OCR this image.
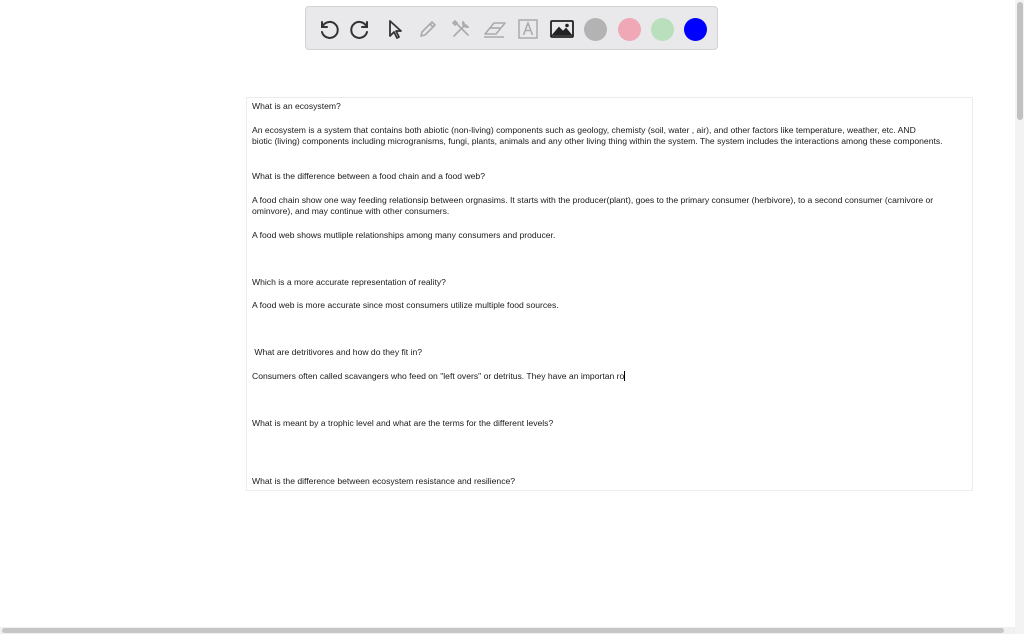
What is an ecosystem?
An ecosystem is a system that contains both abiotic (non-living) components such as geology, chemisty (soil, water , air), and other factors like temperature, weather, etc. AND
biotic (living) components including microgranisms, fungi, plants, animals and any other living thing within the system. The system includes the interactions among these components.
What is the difference between a food chain and a food web?
A food chain show one way feeding relationsip between orgnasims. It starts with the producer(plant), goes to the primary consumer (herbivore), to a second consumer (carnivore or
ominvore), and may continue with other consumers.
A food web shows mutliple relationships among many consumers and producer.
Which is a more accurate representation of reality?
A food web is more accurate since most consumers utilize multiple food sources.
What are detritivores and how do they fit in?
Consumers often called scavangers who feed on "left overs" or detritus. They have an importan ro
What is meant by a trophic level and what are the terms for the different levels?
What is the difference between ecosystem resistance and resilience?
